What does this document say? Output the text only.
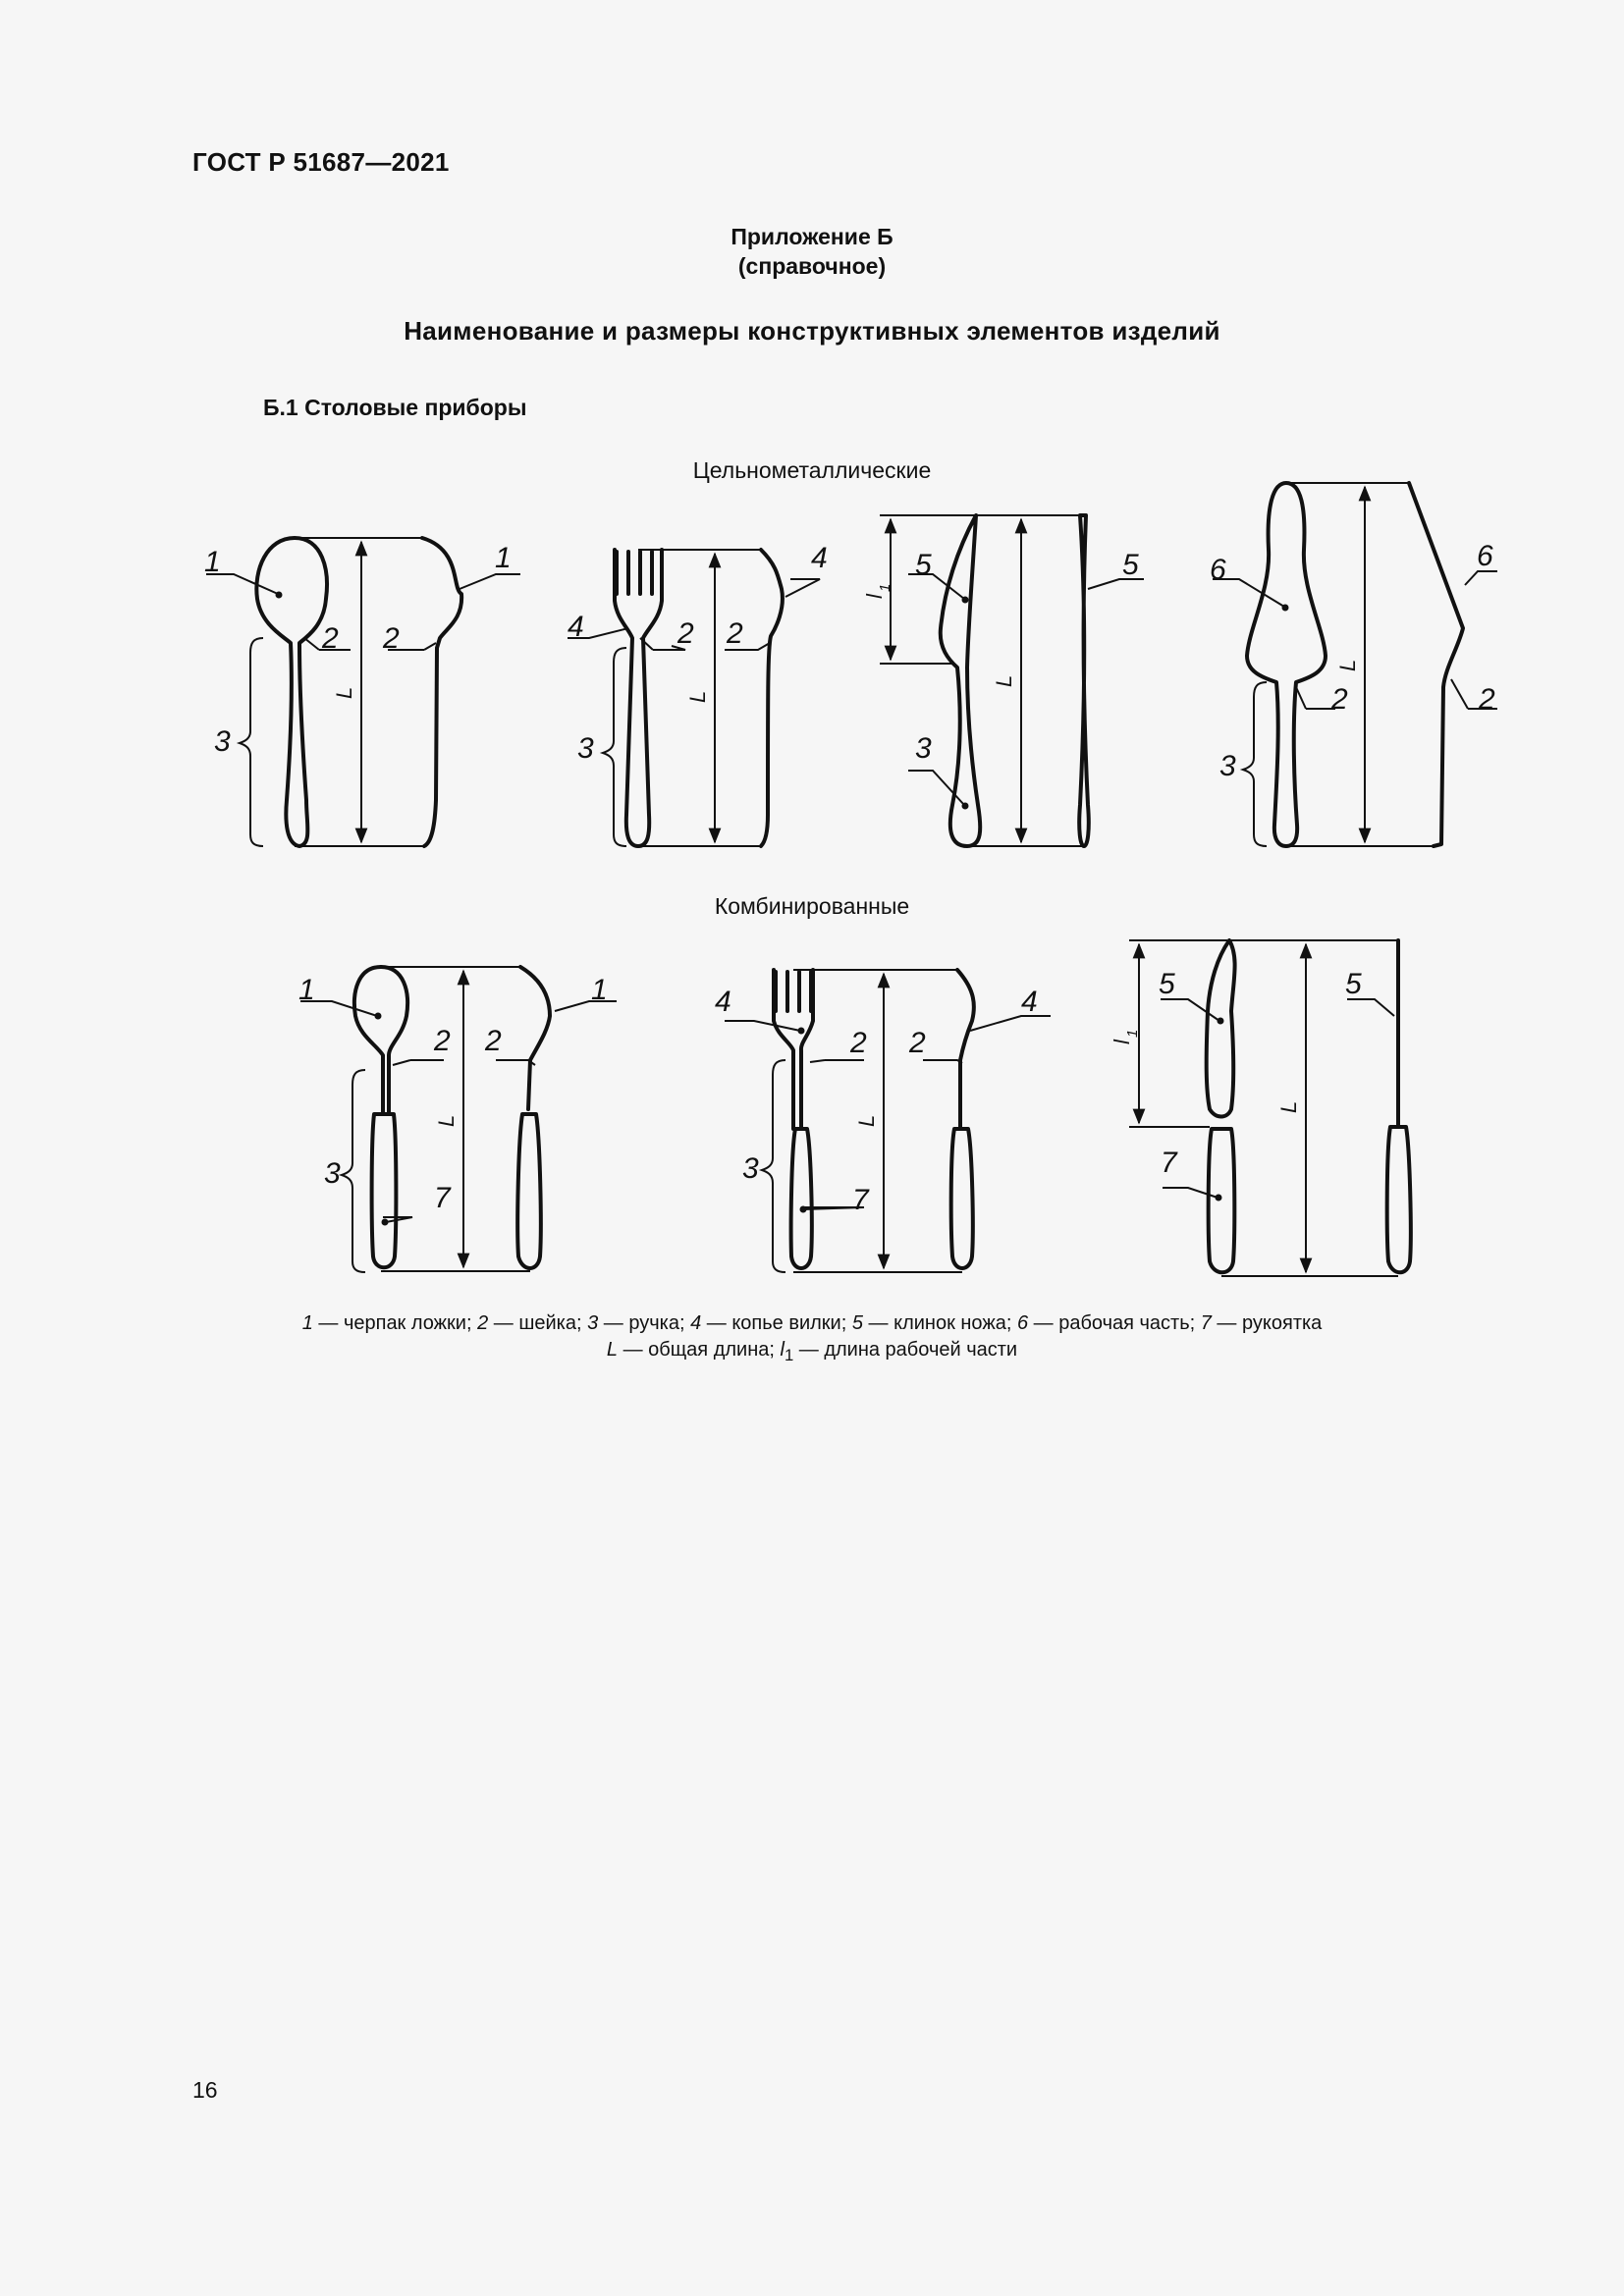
ГОСТ Р 51687—2021
Приложение Б
(справочное)
Наименование и размеры конструктивных элементов изделий
Б.1 Столовые приборы
Цельнометаллические
Комбинированные
1	1
2 2
3
4
4	2 2
3
5	5
3
6	6
2	2
3
1	1
2 2
3
7
4	4
2 2
3
7
5	5
7
L	L
L
L
L	L
L
l
1
l
1
1 — черпак ложки; 2 — шейка; 3 — ручка; 4 — копье вилки; 5 — клинок ножа; 6 — рабочая часть; 7 — рукоятка
L — общая длина; $l_1$ — длина рабочей части
16
